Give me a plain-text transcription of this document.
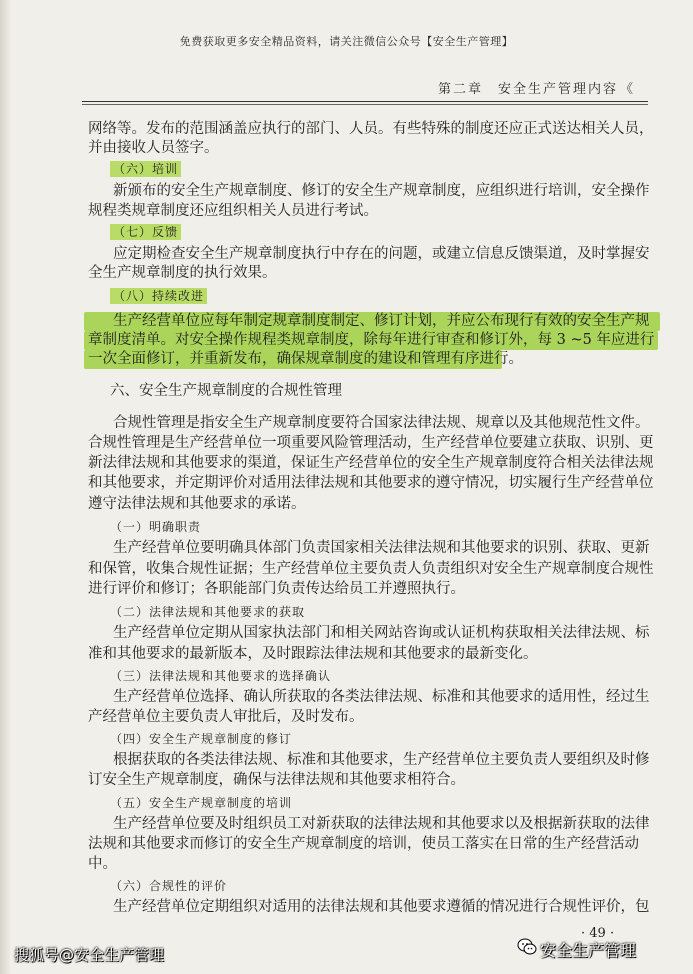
免费获取更多安全精品资料，请关注微信公众号【安全生产管理】
第二章　安全生产管理内容 《
网络等。发布的范围涵盖应执行的部门、人员。有些特殊的制度还应正式送达相关人员，
并由接收人员签字。
（六）培训
新颁布的安全生产规章制度、修订的安全生产规章制度，应组织进行培训，安全操作
规程类规章制度还应组织相关人员进行考试。
（七）反馈
应定期检查安全生产规章制度执行中存在的问题，或建立信息反馈渠道，及时掌握安
全生产规章制度的执行效果。
（八）持续改进
生产经营单位应每年制定规章制度制定、修订计划，并应公布现行有效的安全生产规
章制度清单。对安全操作规程类规章制度，除每年进行审查和修订外，每 3 ~5 年应进行
一次全面修订，并重新发布，确保规章制度的建设和管理有序进行。
六、安全生产规章制度的合规性管理
合规性管理是指安全生产规章制度要符合国家法律法规、规章以及其他规范性文件。
合规性管理是生产经营单位一项重要风险管理活动，生产经营单位要建立获取、识别、更
新法律法规和其他要求的渠道，保证生产经营单位的安全生产规章制度符合相关法律法规
和其他要求，并定期评价对适用法律法规和其他要求的遵守情况，切实履行生产经营单位
遵守法律法规和其他要求的承诺。
（一）明确职责
生产经营单位要明确具体部门负责国家相关法律法规和其他要求的识别、获取、更新
和保管，收集合规性证据；生产经营单位主要负责人负责组织对安全生产规章制度合规性
进行评价和修订；各职能部门负责传达给员工并遵照执行。
（二）法律法规和其他要求的获取
生产经营单位定期从国家执法部门和相关网站咨询或认证机构获取相关法律法规、标
准和其他要求的最新版本，及时跟踪法律法规和其他要求的最新变化。
（三）法律法规和其他要求的选择确认
生产经营单位选择、确认所获取的各类法律法规、标准和其他要求的适用性，经过生
产经营单位主要负责人审批后，及时发布。
（四）安全生产规章制度的修订
根据获取的各类法律法规、标准和其他要求，生产经营单位主要负责人要组织及时修
订安全生产规章制度，确保与法律法规和其他要求相符合。
（五）安全生产规章制度的培训
生产经营单位要及时组织员工对新获取的法律法规和其他要求以及根据新获取的法律
法规和其他要求而修订的安全生产规章制度的培训，使员工落实在日常的生产经营活动
中。
（六）合规性的评价
生产经营单位定期组织对适用的法律法规和其他要求遵循的情况进行合规性评价，包
· 49 ·
搜狐号@安全生产管理	安全生产管理
